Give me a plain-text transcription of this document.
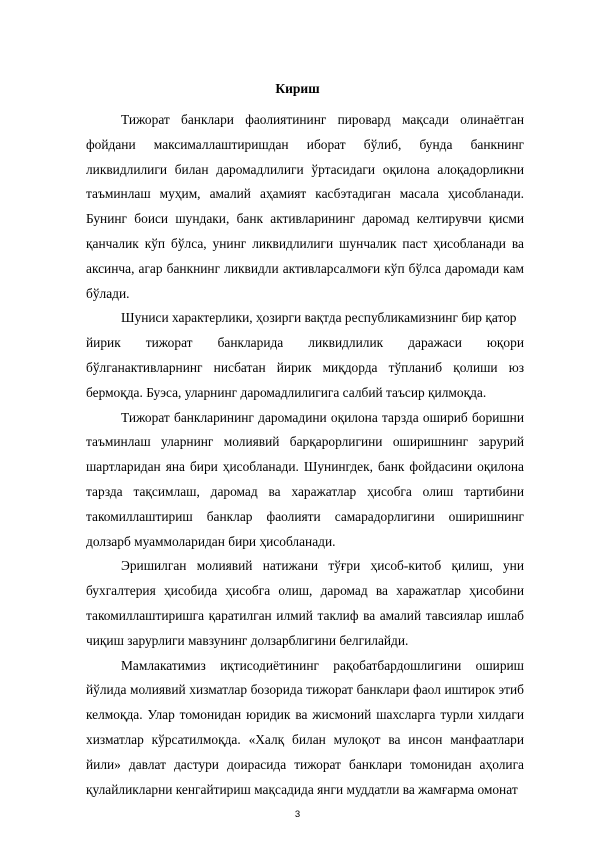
Кириш

Тижорат банклари фаолиятининг пировард мақсади олинаётган фойдани максималлаштиришдан иборат бўлиб, бунда банкнинг ликвидлилиги билан даромадлилиги ўртасидаги оқилона алоқадорликни таъминлаш муҳим, амалий аҳамият касбэтадиган масала ҳисобланади. Бунинг боиси шундаки, банк активларининг даромад келтирувчи қисми қанчалик кўп бўлса, унинг ликвидлилиги шунчалик паст ҳисобланади ва аксинча, агар банкнинг ликвидли активларсалмоғи кўп бўлса даромади кам бўлади.

Шуниси характерлики, ҳозирги вақтда республикамизнинг бир қатор

йирик тижорат банкларида ликвидлилик даражаси юқори бўлганактивларнинг нисбатан йирик миқдорда тўпланиб қолиши юз бермоқда. Буэса, уларнинг даромадлилигига салбий таъсир қилмоқда.

Тижорат банкларининг даромадини оқилона тарзда ошириб боришни таъминлаш уларнинг молиявий барқарорлигини оширишнинг зарурий шартларидан яна бири ҳисобланади. Шунингдек, банк фойдасини оқилона тарзда тақсимлаш, даромад ва харажатлар ҳисобга олиш тартибини такомиллаштириш банклар фаолияти самарадорлигини оширишнинг долзарб муаммоларидан бири ҳисобланади.

Эришилган молиявий натижани тўғри ҳисоб-китоб қилиш, уни бухгалтерия ҳисобида ҳисобга олиш, даромад ва харажатлар ҳисобини такомиллаштиришга қаратилган илмий таклиф ва амалий тавсиялар ишлаб чиқиш зарурлиги мавзунинг долзарблигини белгилайди.

Мамлакатимиз иқтисодиётининг рақобатбардошлигини ошириш йўлида молиявий хизматлар бозорида тижорат банклари фаол иштирок этиб келмоқда. Улар томонидан юридик ва жисмоний шахсларга турли хилдаги хизматлар кўрсатилмоқда. «Халқ билан мулоқот ва инсон манфаатлари йили» давлат дастури доирасида тижорат банклари томонидан аҳолига қулайликларни кенгайтириш мақсадида янги муддатли ва жамғарма омонат

3
